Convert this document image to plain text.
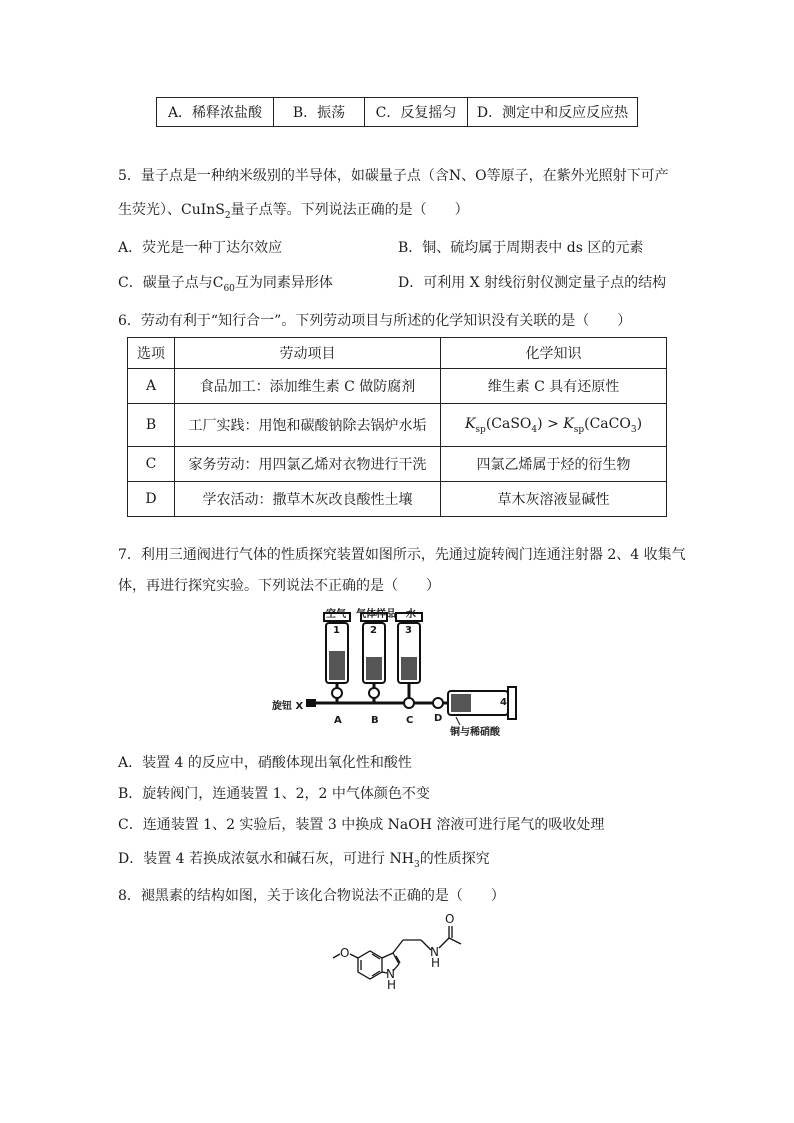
A．稀释浓盐酸	B．振荡	C．反复摇匀	D．测定中和反应反应热
5．量子点是一种纳米级别的半导体，如碳量子点（含N、O等原子，在紫外光照射下可产
生荧光）、CuInS$_2$量子点等。下列说法正确的是（　　）
A．荧光是一种丁达尔效应	B．铜、硫均属于周期表中 ds 区的元素
C．碳量子点与$C_{60}$互为同素异形体	D．可利用 X 射线衍射仪测定量子点的结构
6．劳动有利于“知行合一”。下列劳动项目与所述的化学知识没有关联的是（　　）
选项	劳动项目	化学知识
A	食品加工：添加维生素 C 做防腐剂	维生素 C 具有还原性
B	工厂实践：用饱和碳酸钠除去锅炉水垢	$K_{sp}(CaSO_4)$ > $K_{sp}(CaCO_3)$
C	家务劳动：用四氯乙烯对衣物进行干洗	四氯乙烯属于烃的衍生物
D	学农活动：撒草木灰改良酸性土壤	草木灰溶液显碱性
7．利用三通阀进行气体的性质探究装置如图所示，先通过旋转阀门连通注射器 2、4 收集气
体，再进行探究实验。下列说法不正确的是（　　）
空气 气体样品 水
1	2	3
4
旋钮 X
A	B	C D
铜与稀硝酸
A．装置 4 的反应中，硝酸体现出氧化性和酸性
B．旋转阀门，连通装置 1、2，2 中气体颜色不变
C．连通装置 1、2 实验后，装置 3 中换成 NaOH 溶液可进行尾气的吸收处理
D．装置 4 若换成浓氨水和碱石灰，可进行 $NH_3$的性质探究
8．褪黑素的结构如图，关于该化合物说法不正确的是（　　）
O	N
H
O
N
H
